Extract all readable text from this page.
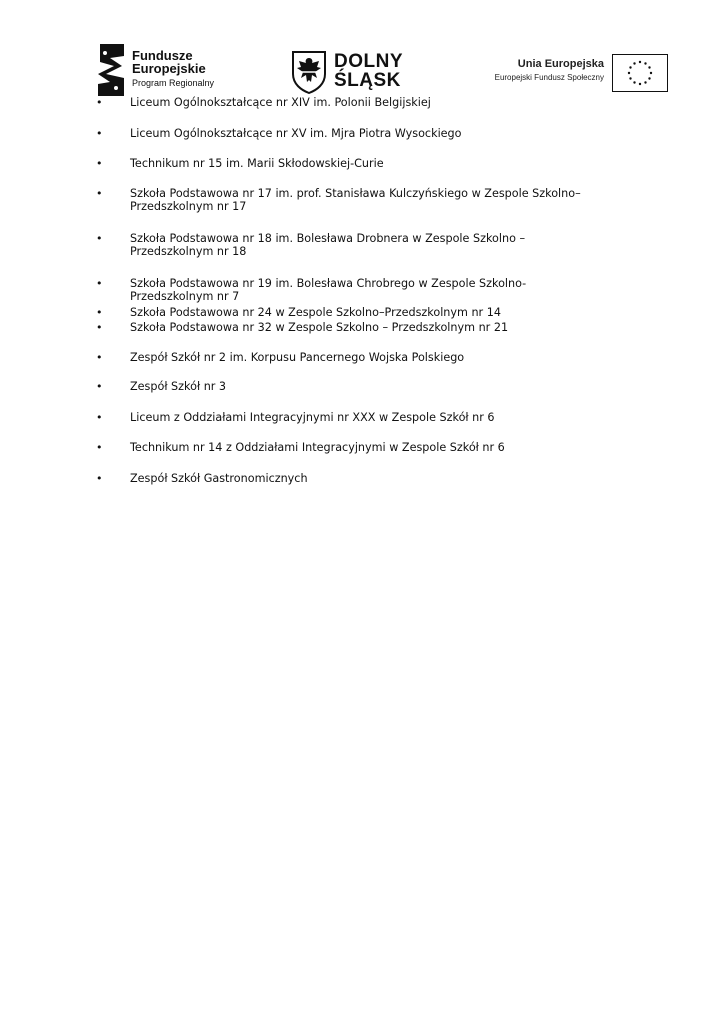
Fundusze
Europejskie
Program Regionalny
DOLNY
ŚLĄSK
Unia Europejska
Europejski Fundusz Społeczny
• Liceum Ogólnokształcące nr XIV im. Polonii Belgijskiej
• Liceum Ogólnokształcące nr XV im. Mjra Piotra Wysockiego
• Technikum nr 15 im. Marii Skłodowskiej-Curie
• Szkoła Podstawowa nr 17 im. prof. Stanisława Kulczyńskiego w Zespole Szkolno–
Przedszkolnym nr 17
• Szkoła Podstawowa nr 18 im. Bolesława Drobnera w Zespole Szkolno –
Przedszkolnym nr 18
• Szkoła Podstawowa nr 19 im. Bolesława Chrobrego w Zespole Szkolno-
Przedszkolnym nr 7
• Szkoła Podstawowa nr 24 w Zespole Szkolno–Przedszkolnym nr 14
• Szkoła Podstawowa nr 32 w Zespole Szkolno – Przedszkolnym nr 21
• Zespół Szkół nr 2 im. Korpusu Pancernego Wojska Polskiego
• Zespół Szkół nr 3
• Liceum z Oddziałami Integracyjnymi nr XXX w Zespole Szkół nr 6
• Technikum nr 14 z Oddziałami Integracyjnymi w Zespole Szkół nr 6
• Zespół Szkół Gastronomicznych
